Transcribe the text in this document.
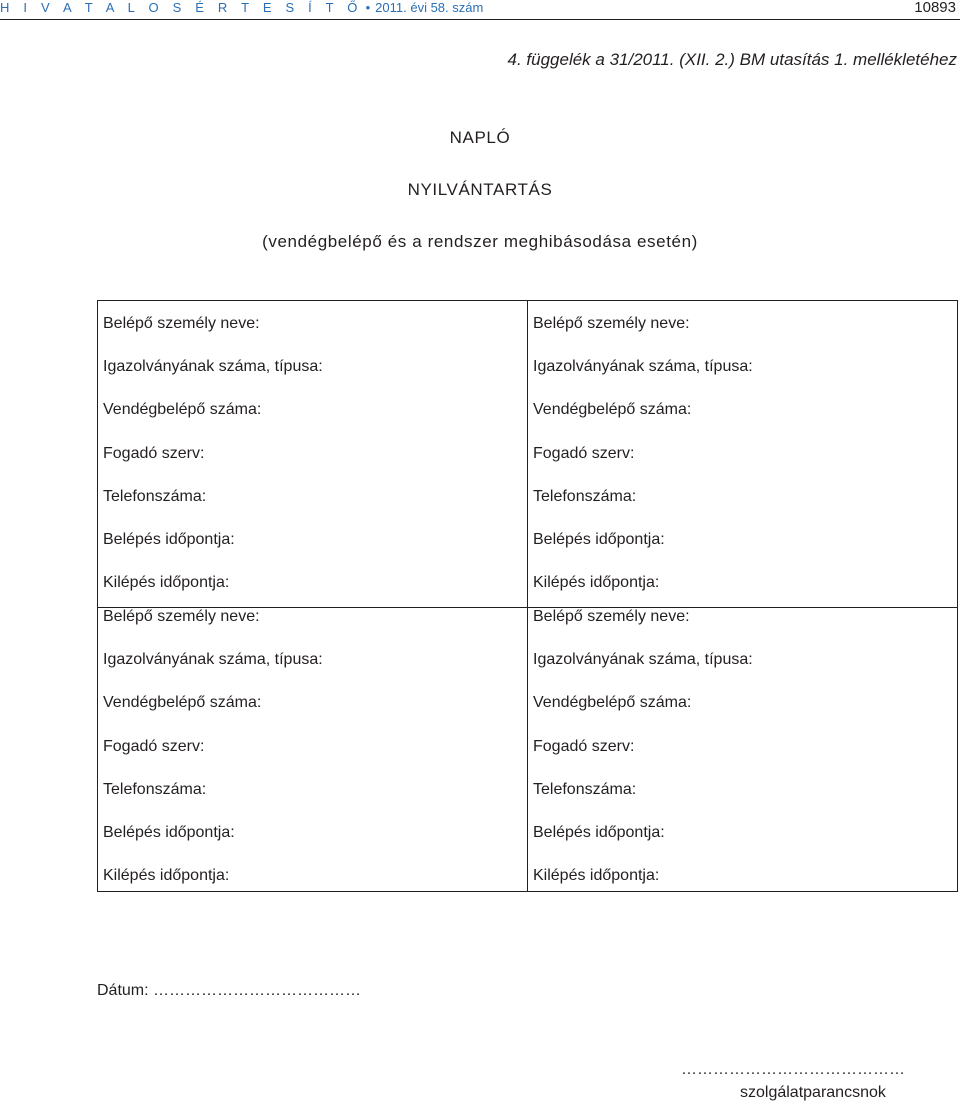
H I V A T A L O S É R T E S Í T Ő • 2011. évi 58. szám	10893
4. függelék a 31/2011. (XII. 2.) BM utasítás 1. mellékletéhez
NAPLÓ
NYILVÁNTARTÁS
(vendégbelépő és a rendszer meghibásodása esetén)
Belépő személy neve:
Igazolványának száma, típusa:
Vendégbelépő száma:
Fogadó szerv:
Telefonszáma:
Belépés időpontja:
Kilépés időpontja:
Belépő személy neve:
Igazolványának száma, típusa:
Vendégbelépő száma:
Fogadó szerv:
Telefonszáma:
Belépés időpontja:
Kilépés időpontja:
Belépő személy neve:
Igazolványának száma, típusa:
Vendégbelépő száma:
Fogadó szerv:
Telefonszáma:
Belépés időpontja:
Kilépés időpontja:
Belépő személy neve:
Igazolványának száma, típusa:
Vendégbelépő száma:
Fogadó szerv:
Telefonszáma:
Belépés időpontja:
Kilépés időpontja:
Dátum: …………………………………
……………………………………
szolgálatparancsnok
